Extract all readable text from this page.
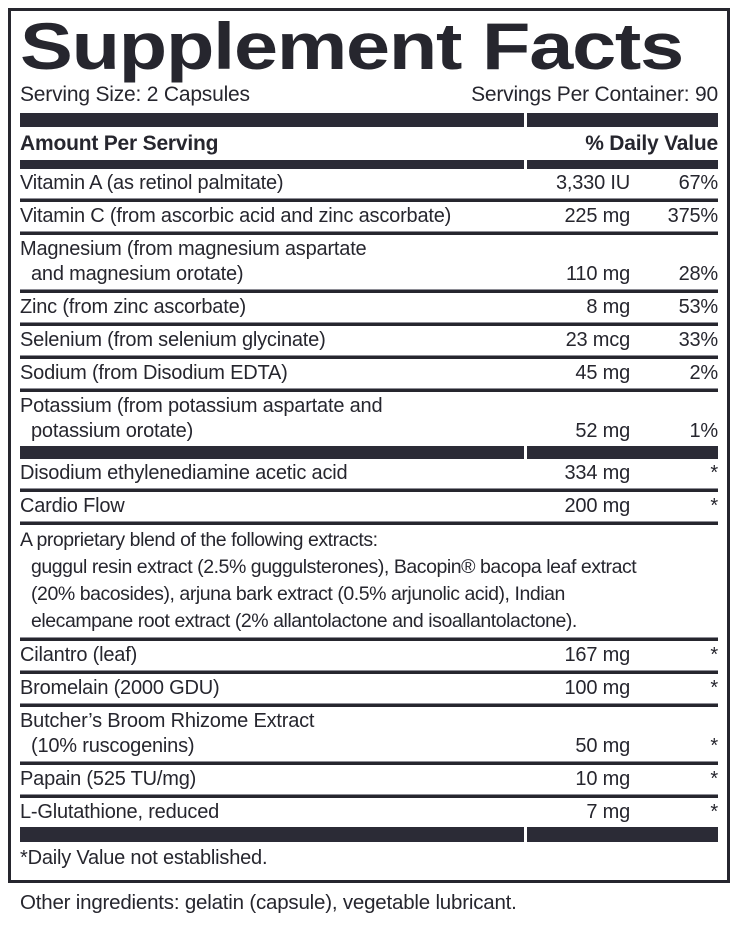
Supplement Facts
Serving Size: 2 Capsules	Servings Per Container: 90
Amount Per Serving	% Daily Value
Vitamin A (as retinol palmitate)	3,330 IU	67%
Vitamin C (from ascorbic acid and zinc ascorbate)	225 mg	375%
Magnesium (from magnesium aspartate
and magnesium orotate)	110 mg	28%
Zinc (from zinc ascorbate)	8 mg	53%
Selenium (from selenium glycinate)	23 mcg	33%
Sodium (from Disodium EDTA)	45 mg	2%
Potassium (from potassium aspartate and
potassium orotate)	52 mg	1%
Disodium ethylenediamine acetic acid	334 mg	*
Cardio Flow	200 mg	*
A proprietary blend of the following extracts:
guggul resin extract (2.5% guggulsterones), Bacopin® bacopa leaf extract
(20% bacosides), arjuna bark extract (0.5% arjunolic acid), Indian
elecampane root extract (2% allantolactone and isoallantolactone).
Cilantro (leaf)	167 mg	*
Bromelain (2000 GDU)	100 mg	*
Butcher’s Broom Rhizome Extract
(10% ruscogenins)	50 mg	*
Papain (525 TU/mg)	10 mg	*
L-Glutathione, reduced	7 mg	*
*Daily Value not established.
Other ingredients: gelatin (capsule), vegetable lubricant.
